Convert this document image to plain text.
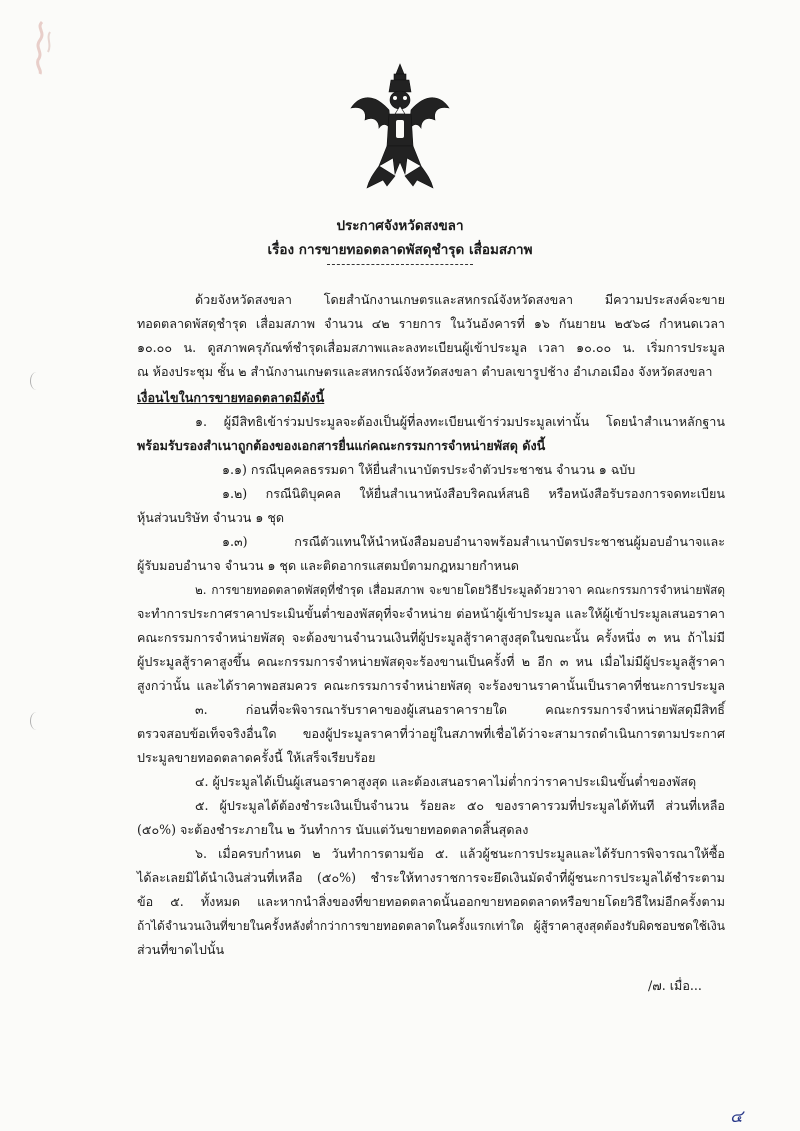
ประกาศจังหวัดสงขลา
เรื่อง การขายทอดตลาดพัสดุชำรุด เสื่อมสภาพ
ด้วยจังหวัดสงขลา โดยสำนักงานเกษตรและสหกรณ์จังหวัดสงขลา มีความประสงค์จะขาย
ทอดตลาดพัสดุชำรุด เสื่อมสภาพ จำนวน ๔๒ รายการ ในวันอังคารที่ ๑๖ กันยายน ๒๕๖๘ กำหนดเวลา
๑๐.๐๐ น. ดูสภาพครุภัณฑ์ชำรุดเสื่อมสภาพและลงทะเบียนผู้เข้าประมูล เวลา ๑๐.๐๐ น. เริ่มการประมูล
ณ ห้องประชุม ชั้น ๒ สำนักงานเกษตรและสหกรณ์จังหวัดสงขลา ตำบลเขารูปช้าง อำเภอเมือง จังหวัดสงขลา
เงื่อนไขในการขายทอดตลาดมีดังนี้
๑. ผู้มีสิทธิเข้าร่วมประมูลจะต้องเป็นผู้ที่ลงทะเบียนเข้าร่วมประมูลเท่านั้น โดยนำสำเนาหลักฐาน
พร้อมรับรองสำเนาถูกต้องของเอกสารยื่นแก่คณะกรรมการจำหน่ายพัสดุ ดังนี้
๑.๑) กรณีบุคคลธรรมดา ให้ยื่นสำเนาบัตรประจำตัวประชาชน จำนวน ๑ ฉบับ
๑.๒) กรณีนิติบุคคล ให้ยื่นสำเนาหนังสือบริคณห์สนธิ หรือหนังสือรับรองการจดทะเบียน
หุ้นส่วนบริษัท จำนวน ๑ ชุด
๑.๓) กรณีตัวแทนให้นำหนังสือมอบอำนาจพร้อมสำเนาบัตรประชาชนผู้มอบอำนาจและ
ผู้รับมอบอำนาจ จำนวน ๑ ชุด และติดอากรแสตมป์ตามกฎหมายกำหนด
๒. การขายทอดตลาดพัสดุที่ชำรุด เสื่อมสภาพ จะขายโดยวิธีประมูลด้วยวาจา คณะกรรมการจำหน่ายพัสดุ
จะทำการประกาศราคาประเมินขั้นต่ำของพัสดุที่จะจำหน่าย ต่อหน้าผู้เข้าประมูล และให้ผู้เข้าประมูลเสนอราคา
คณะกรรมการจำหน่ายพัสดุ จะต้องขานจำนวนเงินที่ผู้ประมูลสู้ราคาสูงสุดในขณะนั้น ครั้งหนึ่ง ๓ หน ถ้าไม่มี
ผู้ประมูลสู้ราคาสูงขึ้น คณะกรรมการจำหน่ายพัสดุจะร้องขานเป็นครั้งที่ ๒ อีก ๓ หน เมื่อไม่มีผู้ประมูลสู้ราคา
สูงกว่านั้น และได้ราคาพอสมควร คณะกรรมการจำหน่ายพัสดุ จะร้องขานราคานั้นเป็นราคาที่ชนะการประมูล
๓. ก่อนที่จะพิจารณารับราคาของผู้เสนอราคารายใด คณะกรรมการจำหน่ายพัสดุมีสิทธิ์
ตรวจสอบข้อเท็จจริงอื่นใด ของผู้ประมูลราคาที่ว่าอยู่ในสภาพที่เชื่อได้ว่าจะสามารถดำเนินการตามประกาศ
ประมูลขายทอดตลาดครั้งนี้ ให้เสร็จเรียบร้อย
๔. ผู้ประมูลได้เป็นผู้เสนอราคาสูงสุด และต้องเสนอราคาไม่ต่ำกว่าราคาประเมินขั้นต่ำของพัสดุ
๕. ผู้ประมูลได้ต้องชำระเงินเป็นจำนวน ร้อยละ ๕๐ ของราคารวมที่ประมูลได้ทันที ส่วนที่เหลือ
(๕๐%) จะต้องชำระภายใน ๒ วันทำการ นับแต่วันขายทอดตลาดสิ้นสุดลง
๖. เมื่อครบกำหนด ๒ วันทำการตามข้อ ๕. แล้วผู้ชนะการประมูลและได้รับการพิจารณาให้ซื้อ
ได้ละเลยมิได้นำเงินส่วนที่เหลือ (๕๐%) ชำระให้ทางราชการจะยึดเงินมัดจำที่ผู้ชนะการประมูลได้ชำระตาม
ข้อ ๕. ทั้งหมด และหากนำสิ่งของที่ขายทอดตลาดนั้นออกขายทอดตลาดหรือขายโดยวิธีใหม่อีกครั้งตาม
ถ้าได้จำนวนเงินที่ขายในครั้งหลังต่ำกว่าการขายทอดตลาดในครั้งแรกเท่าใด ผู้สู้ราคาสูงสุดต้องรับผิดชอบชดใช้เงิน
ส่วนที่ขาดไปนั้น
/๗. เมื่อ...
๔
